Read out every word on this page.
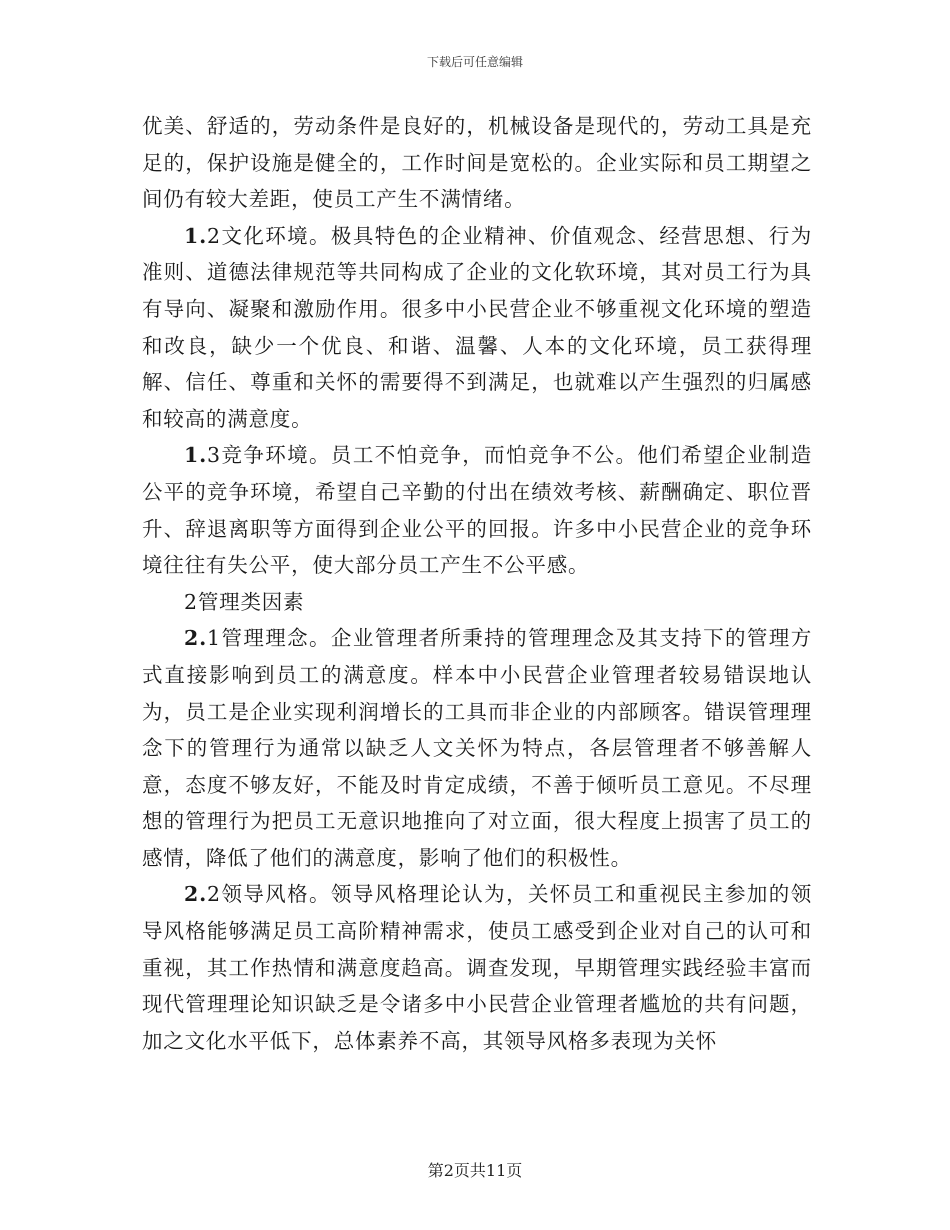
下载后可任意编辑

优美、舒适的，劳动条件是良好的，机械设备是现代的，劳动工具是充足的，保护设施是健全的，工作时间是宽松的。企业实际和员工期望之间仍有较大差距，使员工产生不满情绪。

1.2文化环境。极具特色的企业精神、价值观念、经营思想、行为准则、道德法律规范等共同构成了企业的文化软环境，其对员工行为具有导向、凝聚和激励作用。很多中小民营企业不够重视文化环境的塑造和改良，缺少一个优良、和谐、温馨、人本的文化环境，员工获得理解、信任、尊重和关怀的需要得不到满足，也就难以产生强烈的归属感和较高的满意度。

1.3竞争环境。员工不怕竞争，而怕竞争不公。他们希望企业制造公平的竞争环境，希望自己辛勤的付出在绩效考核、薪酬确定、职位晋升、辞退离职等方面得到企业公平的回报。许多中小民营企业的竞争环境往往有失公平，使大部分员工产生不公平感。

2管理类因素

2.1管理理念。企业管理者所秉持的管理理念及其支持下的管理方式直接影响到员工的满意度。样本中小民营企业管理者较易错误地认为，员工是企业实现利润增长的工具而非企业的内部顾客。错误管理理念下的管理行为通常以缺乏人文关怀为特点，各层管理者不够善解人意，态度不够友好，不能及时肯定成绩，不善于倾听员工意见。不尽理想的管理行为把员工无意识地推向了对立面，很大程度上损害了员工的感情，降低了他们的满意度，影响了他们的积极性。

2.2领导风格。领导风格理论认为，关怀员工和重视民主参加的领导风格能够满足员工高阶精神需求，使员工感受到企业对自己的认可和重视，其工作热情和满意度趋高。调查发现，早期管理实践经验丰富而现代管理理论知识缺乏是令诸多中小民营企业管理者尴尬的共有问题，加之文化水平低下，总体素养不高，其领导风格多表现为关怀

第2页共11页
